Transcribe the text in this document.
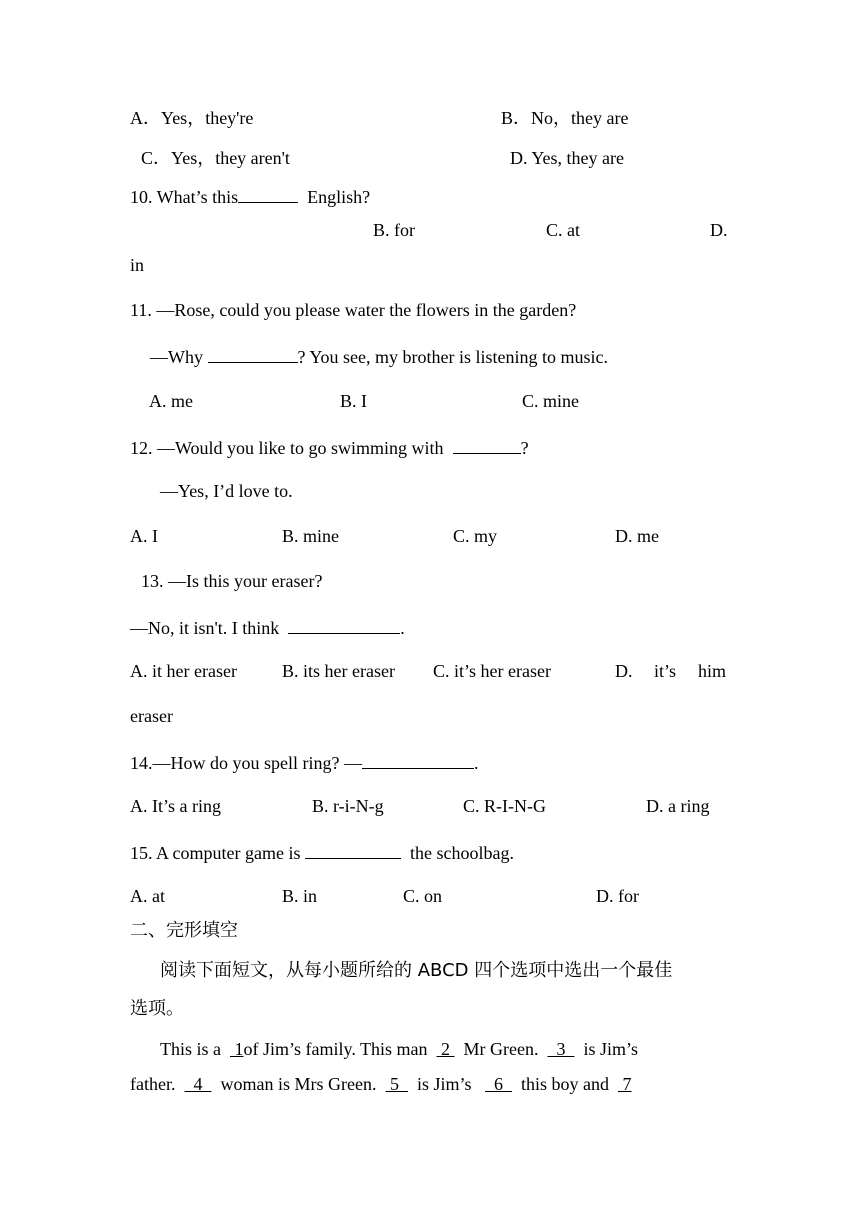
A．Yes，they're	B．No，they are
C．Yes，they aren't	D. Yes, they are
10. What’s this	English?
B. for	C. at	D.
in
11. —Rose, could you please water the flowers in the garden?
—Why	? You see, my brother is listening to music.
A. me	B. I	C. mine
12. —Would you like to go swimming with	?
—Yes, I’d love to.
A. I	B. mine	C. my	D. me
13. —Is this your eraser?
—No, it isn't. I think	.
A. it her eraser	B. its her eraser C. it’s her eraser	D. it’s him
eraser
14.—How do you spell ring? —	.
A. It’s a ring	B. r-i-N-g	C. R-I-N-G	D. a ring
15. A computer game is	the schoolbag.
A. at	B. in	C. on	D. for
二、完形填空
阅读下面短文，从每小题所给的 ABCD 四个选项中选出一个最佳
选项。
This is a   1of Jim’s family. This man   2   Mr Green.    3    is Jim’s
father.    4    woman is Mrs Green.   5    is Jim’s     6    this boy and   7
